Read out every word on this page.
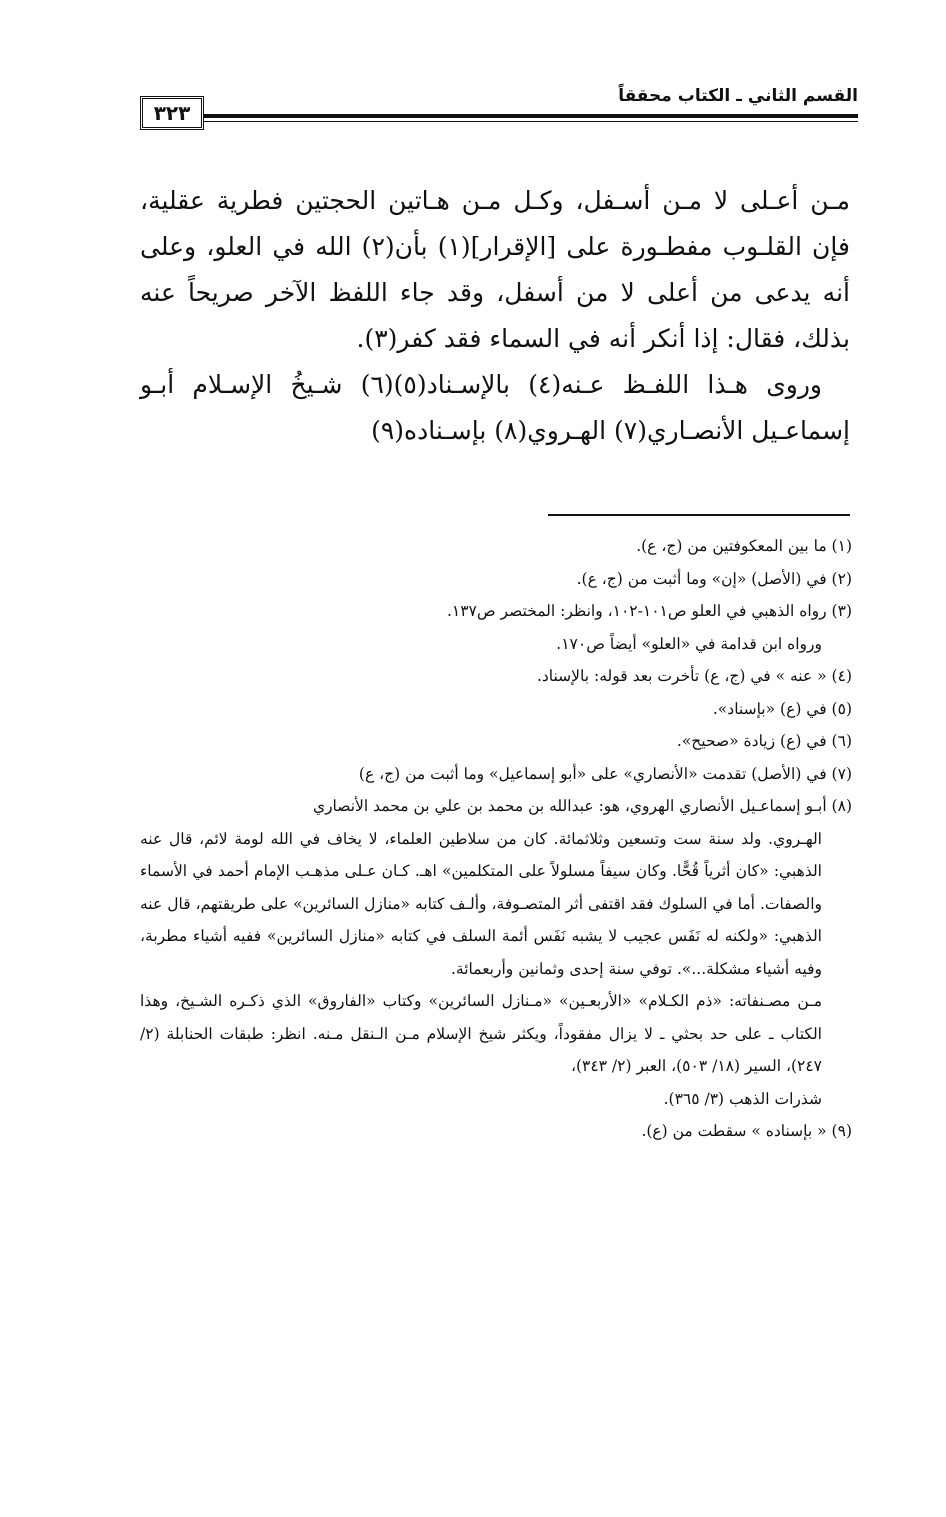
٣٢٣
القسم الثاني ـ الكتاب محققاً

مـن أعـلى لا مـن أسـفل، وكـل مـن هـاتين الحجتين فطرية عقلية، فإن القلـوب مفطـورة على [الإقرار](١) بأن(٢) الله في العلو، وعلى أنه يدعى من أعلى لا من أسفل، وقد جاء اللفظ الآخر صريحاً عنه بذلك، فقال: إذا أنكر أنه في السماء فقد كفر(٣).

وروى هـذا اللفـظ عـنه(٤) بالإسـناد(٥)(٦) شـيخُ الإسـلام أبـو إسماعـيل الأنصـاري(٧) الهـروي(٨) بإسـناده(٩)

(١) ما بين المعكوفتين من (ج، ع).

(٢) في (الأصل) «إن» وما أثبت من (ج، ع).

(٣) رواه الذهبي في العلو ص١٠١-١٠٢، وانظر: المختصر ص١٣٧.

ورواه ابن قدامة في «العلو» أيضاً ص١٧٠.

(٤) « عنه » في (ج، ع) تأخرت بعد قوله: بالإسناد.

(٥) في (ع) «بإسناد».

(٦) في (ع) زيادة «صحيح».

(٧) في (الأصل) تقدمت «الأنصاري» على «أبو إسماعيل» وما أثبت من (ج، ع)

(٨) أبـو إسماعـيل الأنصاري الهروي، هو: عبدالله بن محمد بن علي بن محمد الأنصاري

الهـروي. ولد سنة ست وتسعين وثلاثمائة. كان من سلاطين العلماء، لا يخاف في الله لومة لائم، قال عنه الذهبي: «كان أثرياً قُحًّا. وكان سيفاً مسلولاً على المتكلمين» اهـ. كـان عـلى مذهـب الإمام أحمد في الأسماء والصفات. أما في السلوك فقد اقتفى أثر المتصـوفة، وألـف كتابه «منازل السائرين» على طريقتهم، قال عنه الذهبي: «ولكنه له نَفَس عجيب لا يشبه نَفَس أئمة السلف في كتابه «منازل السائرين» ففيه أشياء مطربة، وفيه أشياء مشكلة...». توفي سنة إحدى وثمانين وأربعمائة.

مـن مصـنفاته: «ذم الكـلام» «الأربعـين» «مـنازل السائرين» وكتاب «الفاروق» الذي ذكـره الشـيخ، وهذا الكتاب ـ على حد بحثي ـ لا يزال مفقوداً، ويكثر شيخ الإسلام مـن الـنقل مـنه. انظر: طبقات الحنابلة (٢/ ٢٤٧)، السير (١٨/ ٥٠٣)، العبر (٢/ ٣٤٣)،

شذرات الذهب (٣/ ٣٦٥).

(٩) « بإسناده » سقطت من (ع).
